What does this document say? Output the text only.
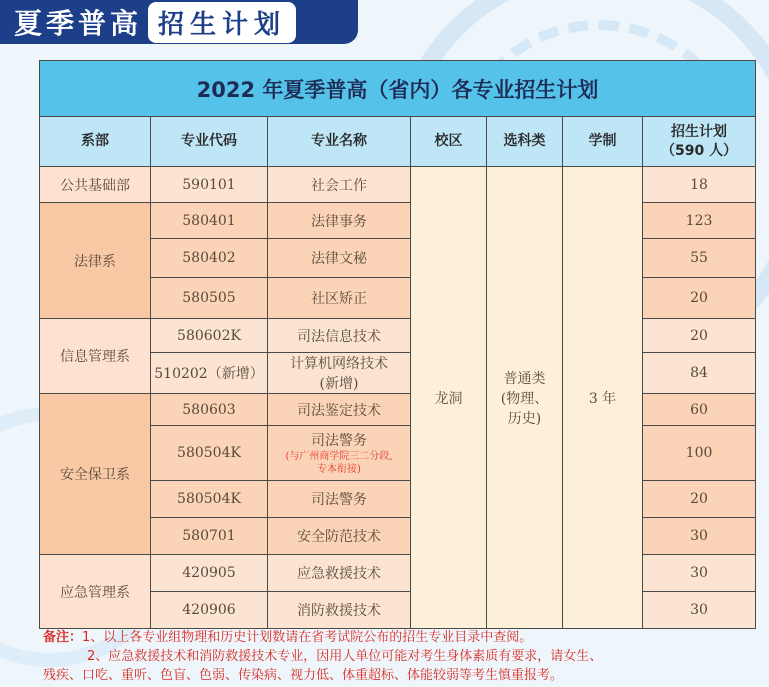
夏季普高 招生计划
2022 年夏季普高（省内）各专业招生计划						
系部	专业代码	专业名称	校区	选科类	学制	招生计划
（590 人）

公共基础部	590101	社会工作	龙洞	普通类
(物理、
历史)	3 年	18
法律系	580401	法律事务				123
	580402	法律文秘				55
	580505	社区矫正				20
信息管理系	580602K	司法信息技术				20
	510202（新增）	计算机网络技术
(新增)				84
安全保卫系	580603	司法鉴定技术				60
	580504K	司法警务
(与广州商学院三二分段,
专本衔接)				100
	580504K	司法警务				20
	580701	安全防范技术				30
应急管理系	420905	应急救援技术				30
	420906	消防救援技术				30
备注：1、以上各专业组物理和历史计划数请在省考试院公布的招生专业目录中查阅。
2、应急救援技术和消防救援技术专业，因用人单位可能对考生身体素质有要求，请女生、
残疾、口吃、重听、色盲、色弱、传染病、视力低、体重超标、体能较弱等考生慎重报考。
